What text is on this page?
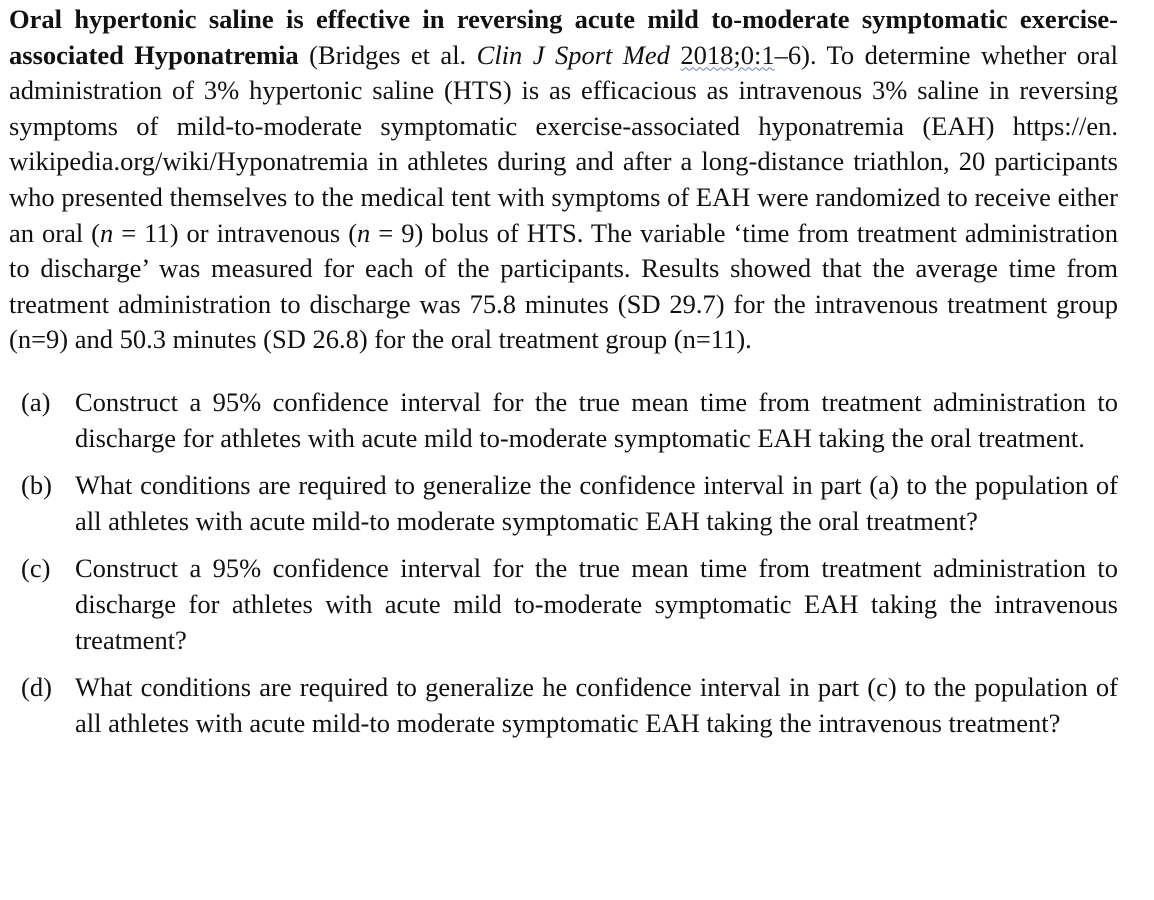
Oral hypertonic saline is effective in reversing acute mild to-moderate symptomatic exercise-associated Hyponatremia (Bridges et al. Clin J Sport Med 2018;0:1–6). To determine whether oral administration of 3% hypertonic saline (HTS) is as efficacious as intravenous 3% saline in reversing symptoms of mild-to-moderate symptomatic exercise-associated hyponatremia (EAH) https://en. wikipedia.org/wiki/Hyponatremia in athletes during and after a long-distance triathlon, 20 participants who presented themselves to the medical tent with symptoms of EAH were randomized to receive either an oral (n = 11) or intravenous (n = 9) bolus of HTS. The variable ‘time from treatment administration to discharge’ was measured for each of the participants. Results showed that the average time from treatment administration to discharge was 75.8 minutes (SD 29.7) for the intravenous treatment group (n=9) and 50.3 minutes (SD 26.8) for the oral treatment group (n=11).

(a) Construct a 95% confidence interval for the true mean time from treatment administration to discharge for athletes with acute mild to-moderate symptomatic EAH taking the oral treatment.
(b) What conditions are required to generalize the confidence interval in part (a) to the population of all athletes with acute mild-to moderate symptomatic EAH taking the oral treatment?
(c) Construct a 95% confidence interval for the true mean time from treatment administration to discharge for athletes with acute mild to-moderate symptomatic EAH taking the intravenous treatment?
(d) What conditions are required to generalize he confidence interval in part (c) to the population of all athletes with acute mild-to moderate symptomatic EAH taking the intravenous treatment?
